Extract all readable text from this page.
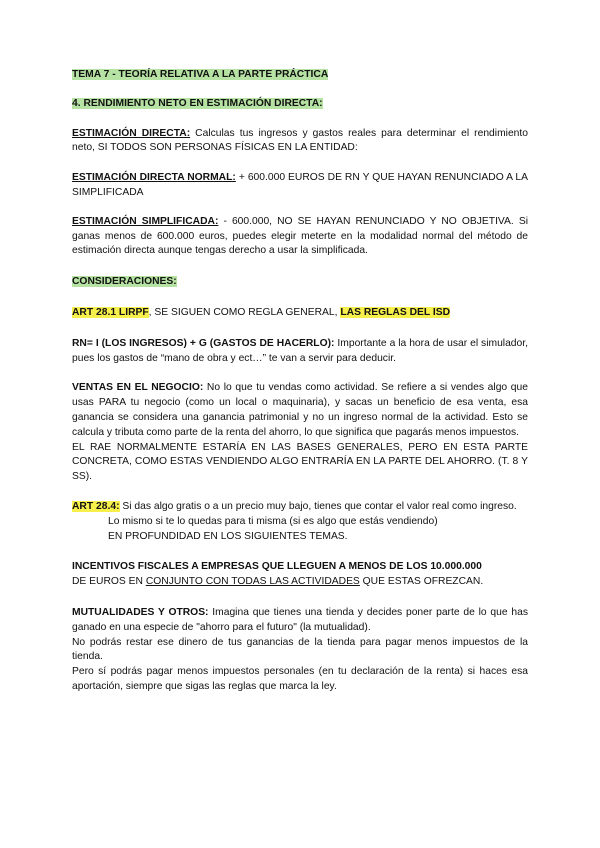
TEMA 7 - TEORÍA RELATIVA A LA PARTE PRÁCTICA

4. RENDIMIENTO NETO EN ESTIMACIÓN DIRECTA:

ESTIMACIÓN DIRECTA: Calculas tus ingresos y gastos reales para determinar el rendimiento neto, SI TODOS SON PERSONAS FÍSICAS EN LA ENTIDAD:

ESTIMACIÓN DIRECTA NORMAL: + 600.000 EUROS DE RN Y QUE HAYAN RENUNCIADO A LA SIMPLIFICADA

ESTIMACIÓN SIMPLIFICADA: - 600.000, NO SE HAYAN RENUNCIADO Y NO OBJETIVA. Si ganas menos de 600.000 euros, puedes elegir meterte en la modalidad normal del método de estimación directa aunque tengas derecho a usar la simplificada.

CONSIDERACIONES:

ART 28.1 LIRPF, SE SIGUEN COMO REGLA GENERAL, LAS REGLAS DEL ISD

RN= I (LOS INGRESOS) + G (GASTOS DE HACERLO): Importante a la hora de usar el simulador, pues los gastos de “mano de obra y ect…” te van a servir para deducir.

VENTAS EN EL NEGOCIO: No lo que tu vendas como actividad. Se refiere a si vendes algo que usas PARA tu negocio (como un local o maquinaria), y sacas un beneficio de esa venta, esa ganancia se considera una ganancia patrimonial y no un ingreso normal de la actividad. Esto se calcula y tributa como parte de la renta del ahorro, lo que significa que pagarás menos impuestos.

EL RAE NORMALMENTE ESTARÍA EN LAS BASES GENERALES, PERO EN ESTA PARTE CONCRETA, COMO ESTAS VENDIENDO ALGO ENTRARÍA EN LA PARTE DEL AHORRO. (T. 8 Y SS).

ART 28.4: Si das algo gratis o a un precio muy bajo, tienes que contar el valor real como ingreso.

Lo mismo si te lo quedas para ti misma (si es algo que estás vendiendo)

EN PROFUNDIDAD EN LOS SIGUIENTES TEMAS.

INCENTIVOS FISCALES A EMPRESAS QUE LLEGUEN A MENOS DE LOS 10.000.000

DE EUROS EN CONJUNTO CON TODAS LAS ACTIVIDADES QUE ESTAS OFREZCAN.

MUTUALIDADES Y OTROS: Imagina que tienes una tienda y decides poner parte de lo que has ganado en una especie de "ahorro para el futuro" (la mutualidad).

No podrás restar ese dinero de tus ganancias de la tienda para pagar menos impuestos de la tienda.

Pero sí podrás pagar menos impuestos personales (en tu declaración de la renta) si haces esa aportación, siempre que sigas las reglas que marca la ley.
